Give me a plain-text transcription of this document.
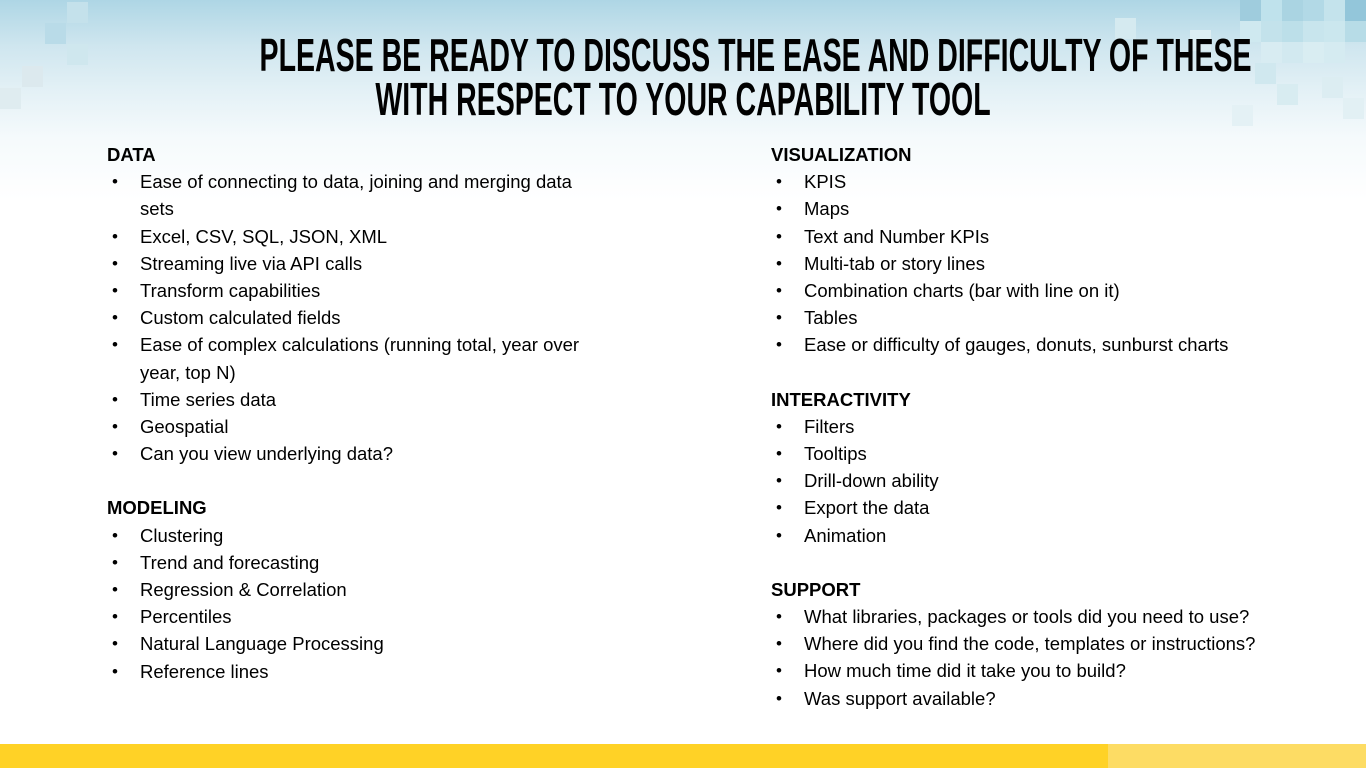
PLEASE BE READY TO DISCUSS THE EASE AND DIFFICULTY OF THESE
WITH RESPECT TO YOUR CAPABILITY TOOL
DATA
• Ease of connecting to data, joining and merging data sets
• Excel, CSV, SQL, JSON, XML
• Streaming live via API calls
• Transform capabilities
• Custom calculated fields
• Ease of complex calculations (running total, year over year, top N)
• Time series data
• Geospatial
• Can you view underlying data?
MODELING
• Clustering
• Trend and forecasting
• Regression & Correlation
• Percentiles
• Natural Language Processing
• Reference lines
VISUALIZATION
• KPIS
• Maps
• Text and Number KPIs
• Multi-tab or story lines
• Combination charts (bar with line on it)
• Tables
• Ease or difficulty of gauges, donuts, sunburst charts
INTERACTIVITY
• Filters
• Tooltips
• Drill-down ability
• Export the data
• Animation
SUPPORT
• What libraries, packages or tools did you need to use?
• Where did you find the code, templates or instructions?
• How much time did it take you to build?
• Was support available?
